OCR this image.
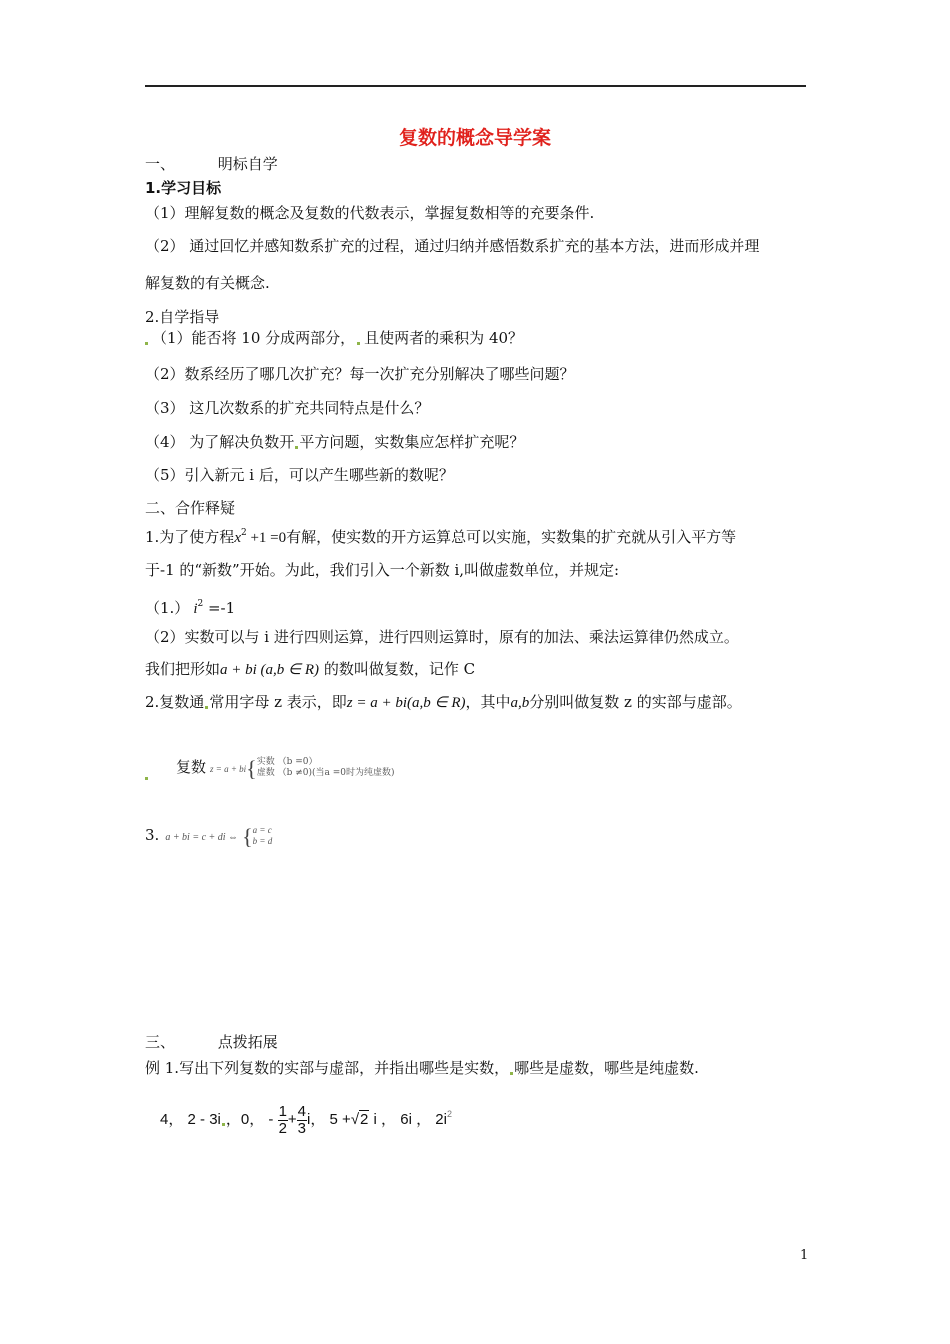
复数的概念导学案
一、	明标自学
1.学习目标
（1）理解复数的概念及复数的代数表示，掌握复数相等的充要条件.
（2） 通过回忆并感知数系扩充的过程，通过归纳并感悟数系扩充的基本方法，进而形成并理
解复数的有关概念.
2.自学指导
（1）能否将 10 分成两部分， 且使两者的乘积为 40？
（2）数系经历了哪几次扩充？每一次扩充分别解决了哪些问题？
（3） 这几次数系的扩充共同特点是什么？
（4） 为了解决负数开 平方问题，实数集应怎样扩充呢？
（5）引入新元 i 后，可以产生哪些新的数呢？
二、合作释疑
1.为了使方程$x^2 +1 =0$有解，使实数的开方运算总可以实施，实数集的扩充就从引入平方等
于-1 的“新数”开始。为此，我们引入一个新数 i,叫做虚数单位，并规定:
（1.） $i^2 =-1$
（2）实数可以与 i 进行四则运算，进行四则运算时，原有的加法、乘法运算律仍然成立。
我们把形如a + bi (a,b ∈ R) 的数叫做复数，记作 C
2.复数通 常用字母 z 表示，即z = a + bi(a,b ∈ R)，其中a,b分别叫做复数 z 的实部与虚部。
复数 z = a + bi{ 实数 （b =0）
虚数 （b ≠0)(当a =0时为纯虚数)
3. a + bi = c + di ⇔ { a = c
b = d
三、	点拨拓展
例 1.写出下列复数的实部与虚部，并指出哪些是实数， 哪些是虚数，哪些是纯虚数.
4， 2 - 3i ，0， - $\frac{1}{2} + \frac{4}{3}$ i， 5 +√2 i ， 6i ， $2i^2$
1
